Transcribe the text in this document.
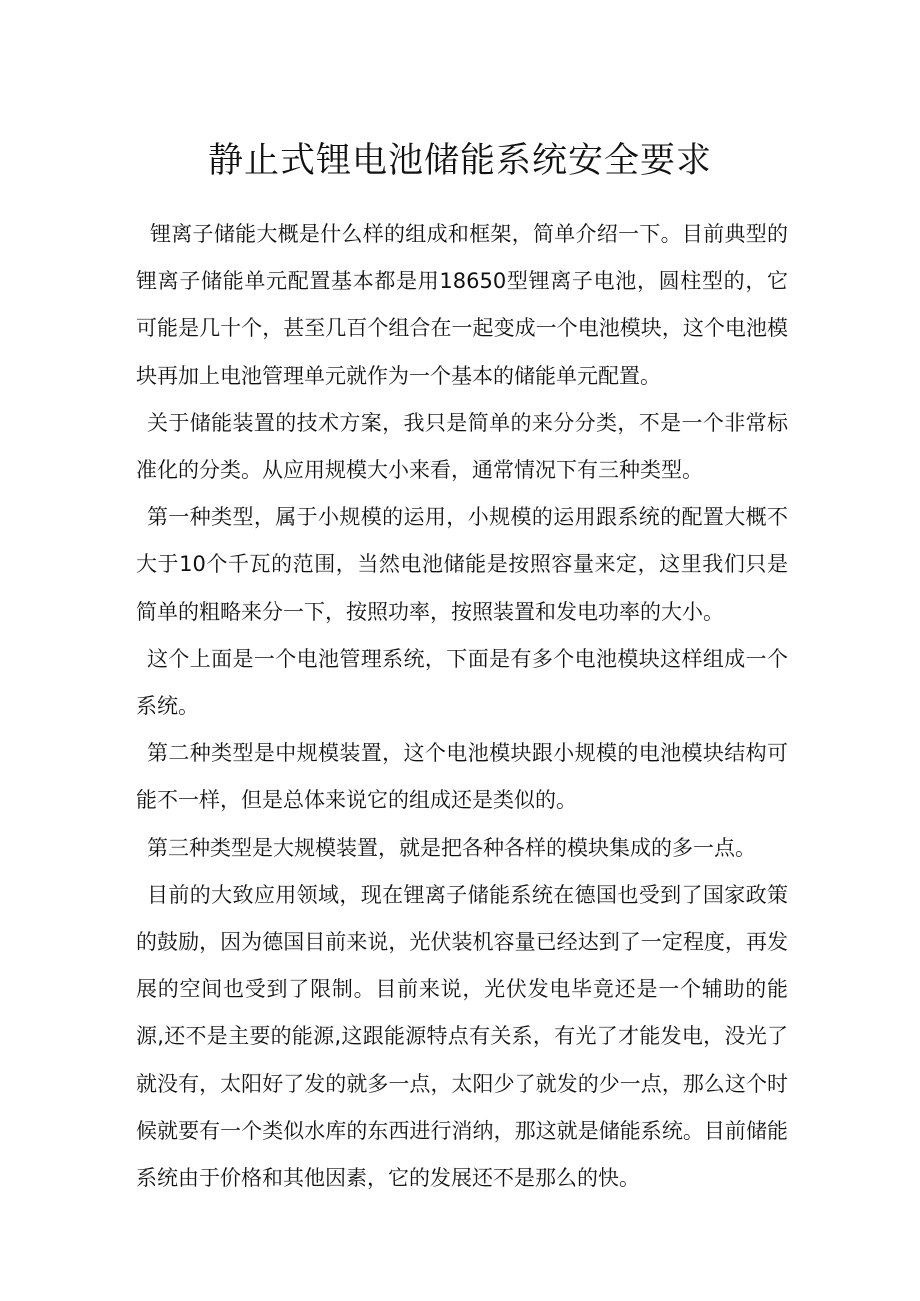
静止式锂电池储能系统安全要求

锂离子储能大概是什么样的组成和框架，简单介绍一下。目前典型的锂离子储能单元配置基本都是用18650型锂离子电池，圆柱型的，它可能是几十个，甚至几百个组合在一起变成一个电池模块，这个电池模块再加上电池管理单元就作为一个基本的储能单元配置。

关于储能装置的技术方案，我只是简单的来分分类，不是一个非常标准化的分类。从应用规模大小来看，通常情况下有三种类型。

第一种类型，属于小规模的运用，小规模的运用跟系统的配置大概不大于10个千瓦的范围，当然电池储能是按照容量来定，这里我们只是简单的粗略来分一下，按照功率，按照装置和发电功率的大小。

这个上面是一个电池管理系统，下面是有多个电池模块这样组成一个系统。

第二种类型是中规模装置，这个电池模块跟小规模的电池模块结构可能不一样，但是总体来说它的组成还是类似的。

第三种类型是大规模装置，就是把各种各样的模块集成的多一点。

目前的大致应用领域，现在锂离子储能系统在德国也受到了国家政策的鼓励，因为德国目前来说，光伏装机容量已经达到了一定程度，再发展的空间也受到了限制。目前来说，光伏发电毕竟还是一个辅助的能源,还不是主要的能源,这跟能源特点有关系，有光了才能发电，没光了就没有，太阳好了发的就多一点，太阳少了就发的少一点，那么这个时候就要有一个类似水库的东西进行消纳，那这就是储能系统。目前储能系统由于价格和其他因素，它的发展还不是那么的快。
